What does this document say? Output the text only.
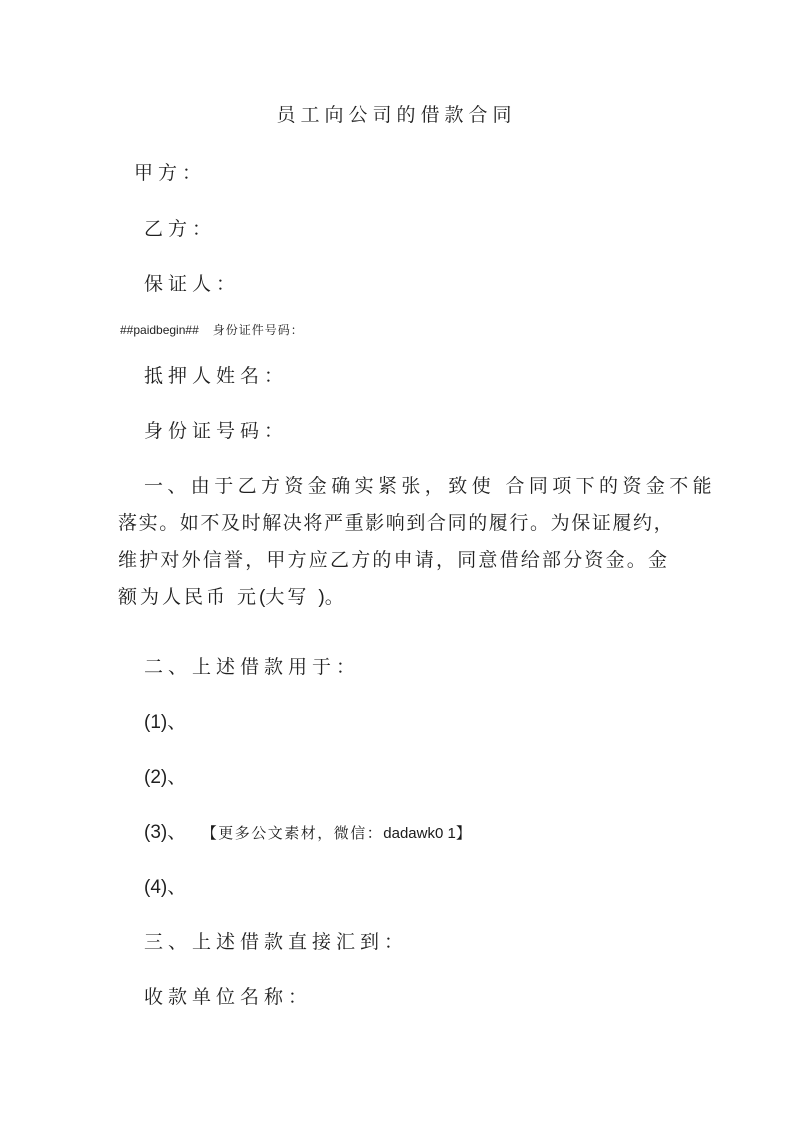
员工向公司的借款合同
甲方：
乙方：
保证人：
##paidbegin## 身份证件号码：
抵押人姓名：
身份证号码：
一、由于乙方资金确实紧张，致使 合同项下的资金不能
落实。如不及时解决将严重影响到合同的履行。为保证履约，
维护对外信誉，甲方应乙方的申请，同意借给部分资金。金
额为人民币 元(大写 )。
二、上述借款用于：
(1)、
(2)、
(3)、 【更多公文素材，微信：dadawk0 1】
(4)、
三、上述借款直接汇到：
收款单位名称：
